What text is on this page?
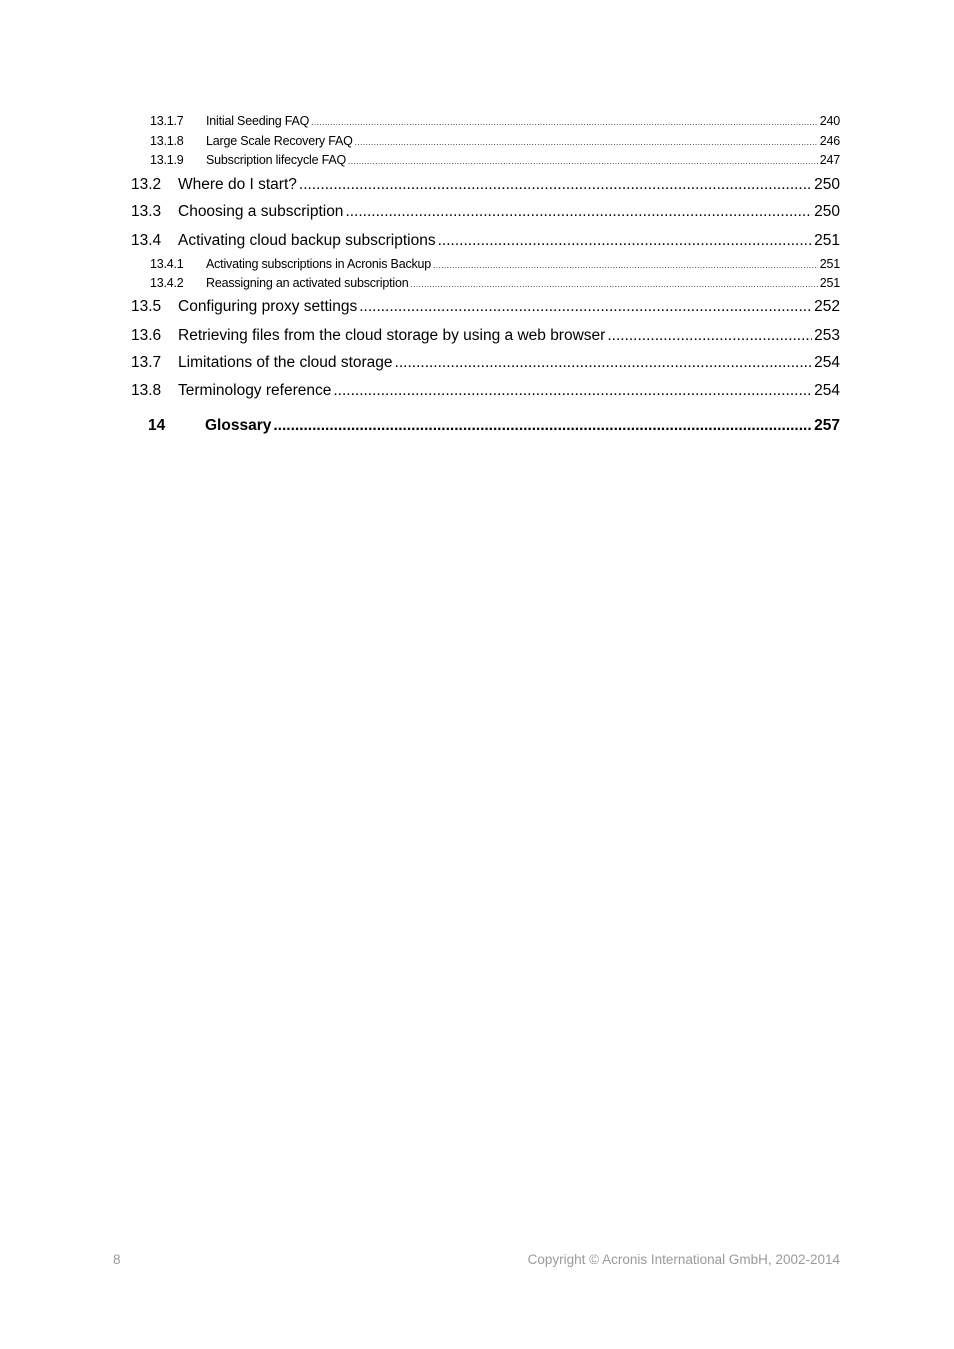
13.1.7	Initial Seeding FAQ .....	240
13.1.8	Large Scale Recovery FAQ .....	246
13.1.9	Subscription lifecycle FAQ .....	247
13.2	Where do I start? .....	250
13.3	Choosing a subscription .....	250
13.4	Activating cloud backup subscriptions .....	251
13.4.1	Activating subscriptions in Acronis Backup .....	251
13.4.2	Reassigning an activated subscription .....	251
13.5	Configuring proxy settings .....	252
13.6	Retrieving files from the cloud storage by using a web browser .....	253
13.7	Limitations of the cloud storage .....	254
13.8	Terminology reference .....	254
14	Glossary .....	257
8	Copyright © Acronis International GmbH, 2002-2014
